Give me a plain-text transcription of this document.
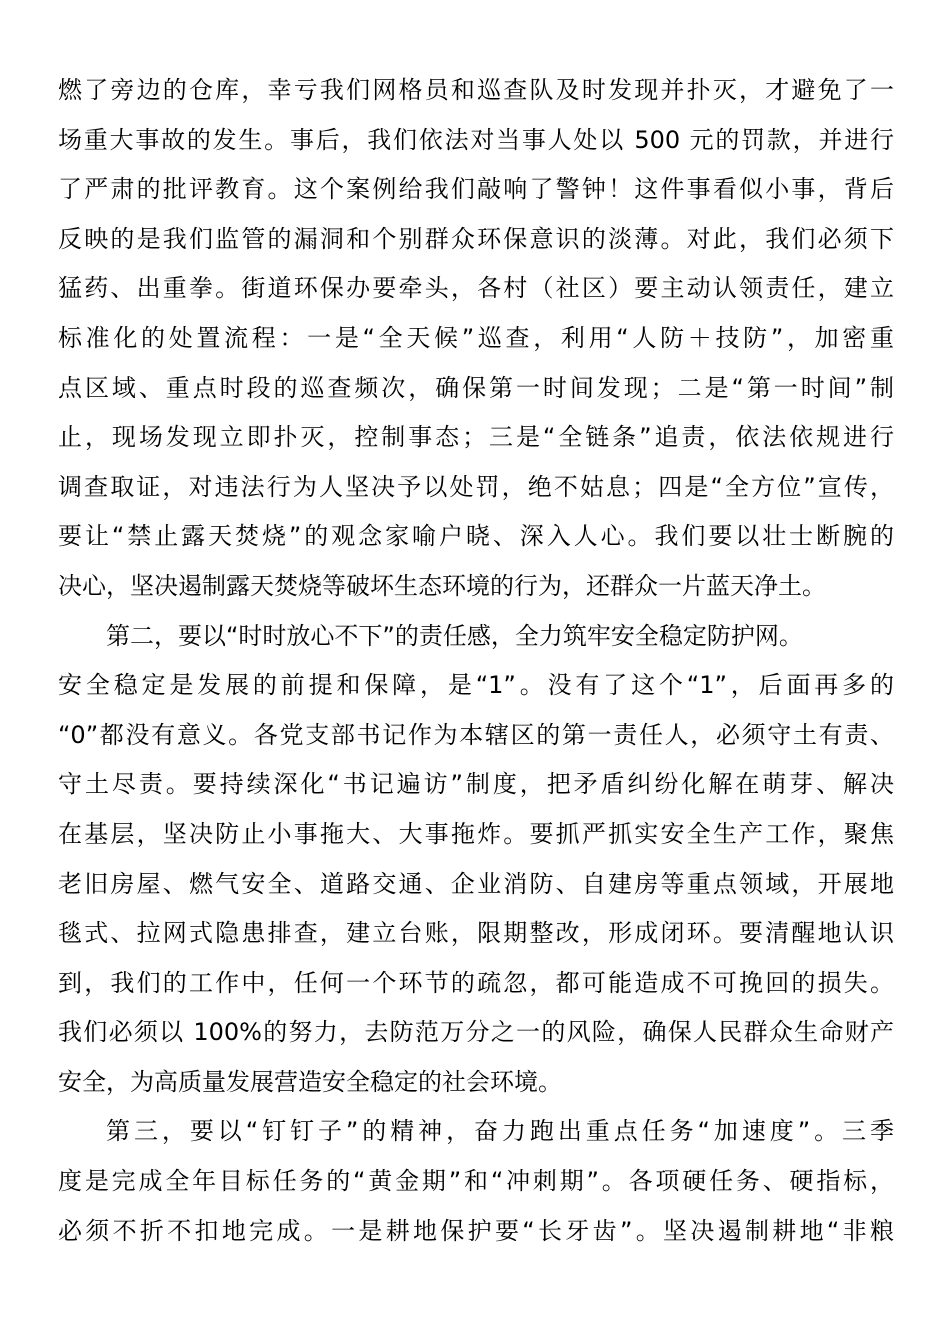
燃了旁边的仓库，幸亏我们网格员和巡查队及时发现并扑灭，才避免了一
场重大事故的发生。事后，我们依法对当事人处以 500 元的罚款，并进行
了严肃的批评教育。这个案例给我们敲响了警钟！这件事看似小事，背后
反映的是我们监管的漏洞和个别群众环保意识的淡薄。对此，我们必须下
猛药、出重拳。街道环保办要牵头，各村（社区）要主动认领责任，建立
标准化的处置流程：一是“全天候”巡查，利用“人防＋技防”，加密重
点区域、重点时段的巡查频次，确保第一时间发现；二是“第一时间”制
止，现场发现立即扑灭，控制事态；三是“全链条”追责，依法依规进行
调查取证，对违法行为人坚决予以处罚，绝不姑息；四是“全方位”宣传，
要让“禁止露天焚烧”的观念家喻户晓、深入人心。我们要以壮士断腕的
决心，坚决遏制露天焚烧等破坏生态环境的行为，还群众一片蓝天净土。
第二，要以“时时放心不下”的责任感，全力筑牢安全稳定防护网。
安全稳定是发展的前提和保障，是“1”。没有了这个“1”，后面再多的
“0”都没有意义。各党支部书记作为本辖区的第一责任人，必须守土有责、
守土尽责。要持续深化“书记遍访”制度，把矛盾纠纷化解在萌芽、解决
在基层，坚决防止小事拖大、大事拖炸。要抓严抓实安全生产工作，聚焦
老旧房屋、燃气安全、道路交通、企业消防、自建房等重点领域，开展地
毯式、拉网式隐患排查，建立台账，限期整改，形成闭环。要清醒地认识
到，我们的工作中，任何一个环节的疏忽，都可能造成不可挽回的损失。
我们必须以 100%的努力，去防范万分之一的风险，确保人民群众生命财产
安全，为高质量发展营造安全稳定的社会环境。
第三，要以“钉钉子”的精神，奋力跑出重点任务“加速度”。三季
度是完成全年目标任务的“黄金期”和“冲刺期”。各项硬任务、硬指标，
必须不折不扣地完成。一是耕地保护要“长牙齿”。坚决遏制耕地“非粮
